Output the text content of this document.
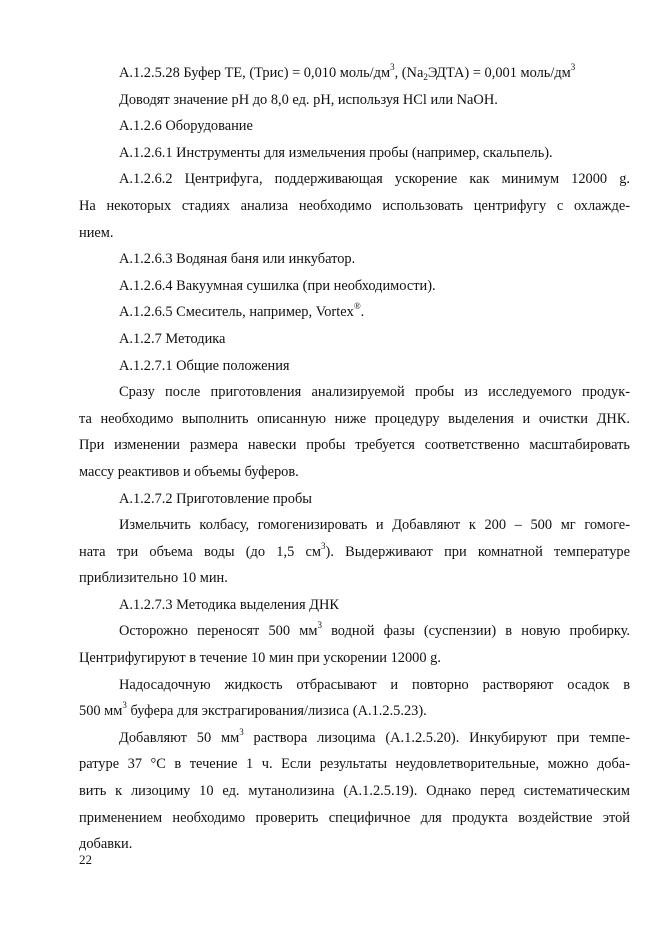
А.1.2.5.28 Буфер ТЕ, (Трис) = 0,010 моль/$дм^3$, $(Na_2ЭДТА) = 0,001$ моль/$дм^3$
Доводят значение pH до 8,0 ед. pH, используя HCl или NaOH.
А.1.2.6 Оборудование
А.1.2.6.1 Инструменты для измельчения пробы (например, скальпель).
А.1.2.6.2 Центрифуга, поддерживающая ускорение как минимум 12000 g.
На некоторых стадиях анализа необходимо использовать центрифугу с охлажде-
нием.
А.1.2.6.3 Водяная баня или инкубатор.
А.1.2.6.4 Вакуумная сушилка (при необходимости).
А.1.2.6.5 Смеситель, например, Vortex®.
А.1.2.7 Методика
А.1.2.7.1 Общие положения
Сразу после приготовления анализируемой пробы из исследуемого продук-
та необходимо выполнить описанную ниже процедуру выделения и очистки ДНК.
При изменении размера навески пробы требуется соответственно масштабировать
массу реактивов и объемы буферов.
А.1.2.7.2 Приготовление пробы
Измельчить колбасу, гомогенизировать и Добавляют к 200 – 500 мг гомоге-
ната три объема воды (до 1,5 $см^3$). Выдерживают при комнатной температуре
приблизительно 10 мин.
А.1.2.7.3 Методика выделения ДНК
Осторожно переносят 500 $мм^3$ водной фазы (суспензии) в новую пробирку.
Центрифугируют в течение 10 мин при ускорении 12000 g.
Надосадочную жидкость отбрасывают и повторно растворяют осадок в
500 $мм^3$ буфера для экстрагирования/лизиса (А.1.2.5.23).
Добавляют 50 $мм^3$ раствора лизоцима (А.1.2.5.20). Инкубируют при темпе-
ратуре 37 °С в течение 1 ч. Если результаты неудовлетворительные, можно доба-
вить к лизоциму 10 ед. мутанолизина (А.1.2.5.19). Однако перед систематическим
применением необходимо проверить специфичное для продукта воздействие этой
добавки.
22
